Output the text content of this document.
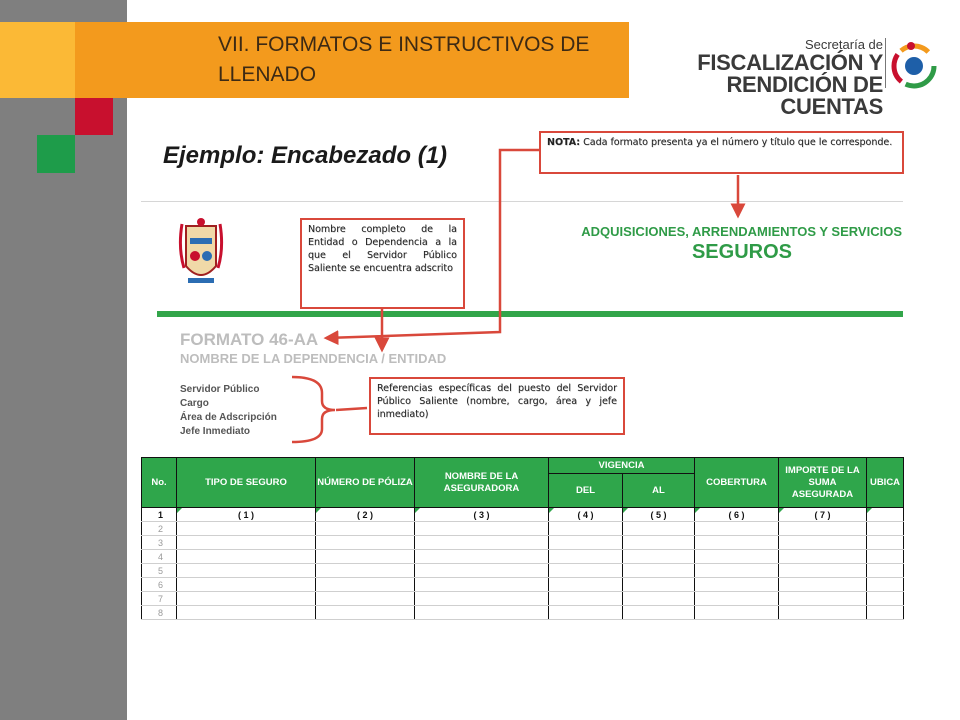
VII. FORMATOS E INSTRUCTIVOS DE LLENADO
Secretaría de
FISCALIZACIÓN Y
RENDICIÓN DE CUENTAS
Ejemplo: Encabezado (1)
ADQUISICIONES, ARRENDAMIENTOS Y SERVICIOS
SEGUROS
FORMATO 46-AA
NOMBRE DE LA DEPENDENCIA / ENTIDAD
Servidor Público
Cargo
Área de Adscripción
Jefe Inmediato
NOTA: Cada formato presenta ya el número y título que le corresponde.
Nombre completo de la Entidad o Dependencia a la que el Servidor Público Saliente se encuentra adscrito
Referencias específicas del puesto del Servidor Público Saliente (nombre, cargo, área y jefe inmediato)
No.	TIPO DE SEGURO	NÚMERO DE PÓLIZA	NOMBRE DE LA ASEGURADORA	VIGENCIA		COBERTURA	IMPORTE DE LA SUMA ASEGURADA	UBICA
				DEL	AL			
1	( 1 )	( 2 )	( 3 )	( 4 )	( 5 )	( 6 )	( 7 )

2								
3								
4								
5								
6								
7								
8								
